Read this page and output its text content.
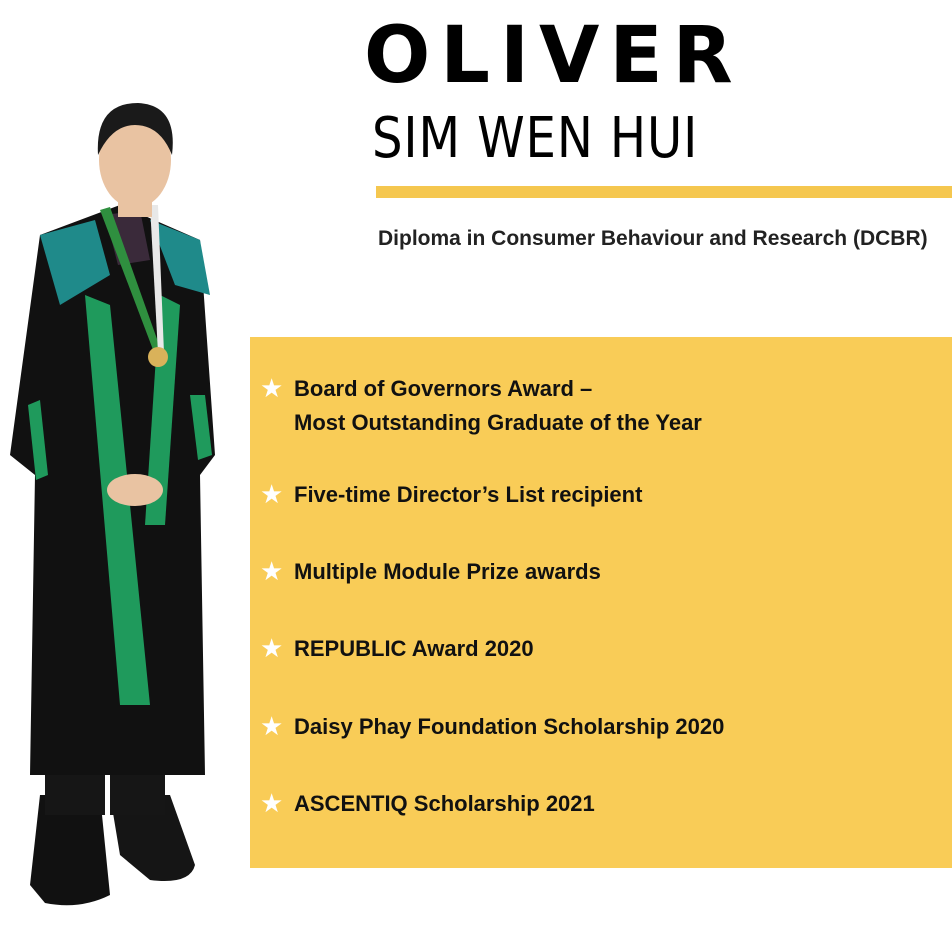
OLIVER
SIM WEN HUI

Diploma in Consumer Behaviour and Research (DCBR)

★ Board of Governors Award –
Most Outstanding Graduate of the Year
★ Five-time Director’s List recipient
★ Multiple Module Prize awards
★ REPUBLIC Award 2020
★ Daisy Phay Foundation Scholarship 2020
★ ASCENTIQ Scholarship 2021
